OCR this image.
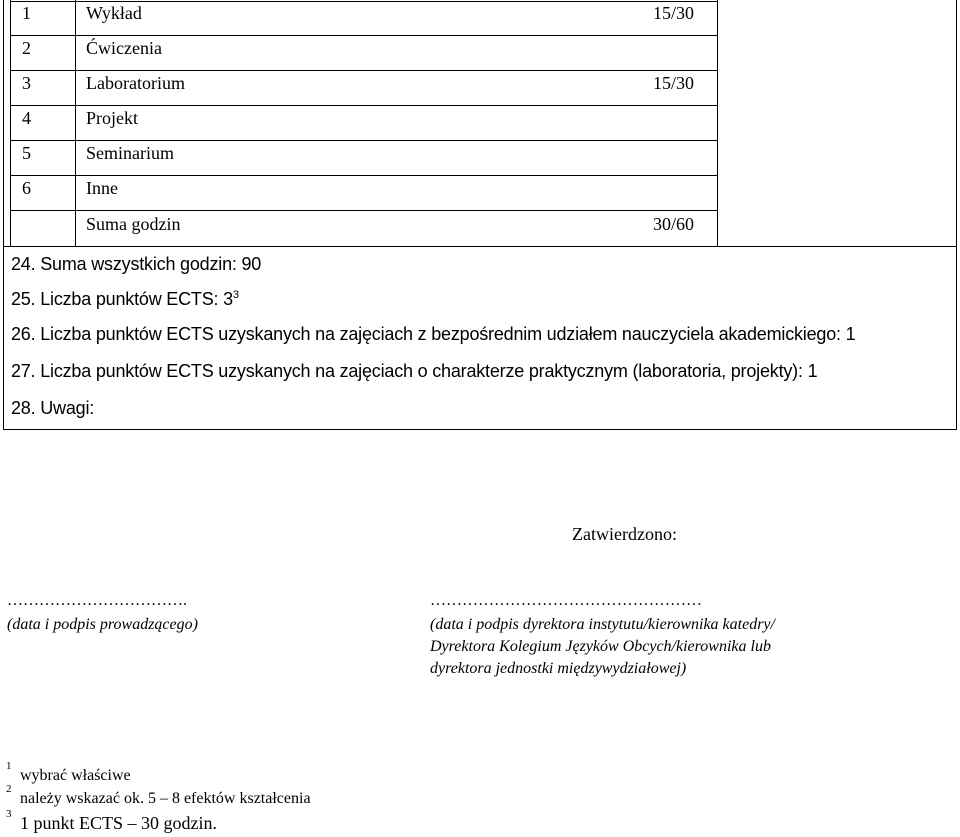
1	Wykład	15/30
2	Ćwiczenia
3	Laboratorium	15/30
4	Projekt
5	Seminarium
6	Inne
Suma godzin	30/60
24. Suma wszystkich godzin: 90
25. Liczba punktów ECTS: $3^3$
26. Liczba punktów ECTS uzyskanych na zajęciach z bezpośrednim udziałem nauczyciela akademickiego: 1
27. Liczba punktów ECTS uzyskanych na zajęciach o charakterze praktycznym (laboratoria, projekty): 1
28. Uwagi:
Zatwierdzono:
…………………………….
(data i podpis prowadzącego)
……………………………………………
(data i podpis dyrektora instytutu/kierownika katedry/
Dyrektora Kolegium Języków Obcych/kierownika lub
dyrektora jednostki międzywydziałowej)
1
wybrać właściwe
2
należy wskazać ok. 5 – 8 efektów kształcenia
3 1 punkt ECTS – 30 godzin.
